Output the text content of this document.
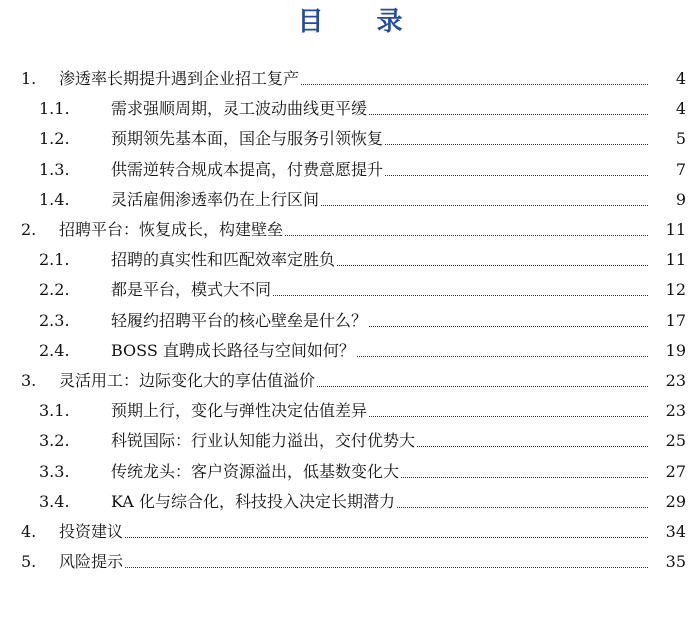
目 录
1.	渗透率长期提升遇到企业招工复产	4
1.1.	需求强顺周期，灵工波动曲线更平缓	4
1.2.	预期领先基本面，国企与服务引领恢复	5
1.3.	供需逆转合规成本提高，付费意愿提升	7
1.4.	灵活雇佣渗透率仍在上行区间	9
2.	招聘平台：恢复成长，构建壁垒	11
2.1.	招聘的真实性和匹配效率定胜负	11
2.2.	都是平台，模式大不同	12
2.3.	轻履约招聘平台的核心壁垒是什么？	17
2.4.	BOSS 直聘成长路径与空间如何？	19
3.	灵活用工：边际变化大的享估值溢价	23
3.1.	预期上行，变化与弹性决定估值差异	23
3.2.	科锐国际：行业认知能力溢出，交付优势大	25
3.3.	传统龙头：客户资源溢出，低基数变化大	27
3.4.	KA 化与综合化，科技投入决定长期潜力	29
4.	投资建议	34
5.	风险提示	35
